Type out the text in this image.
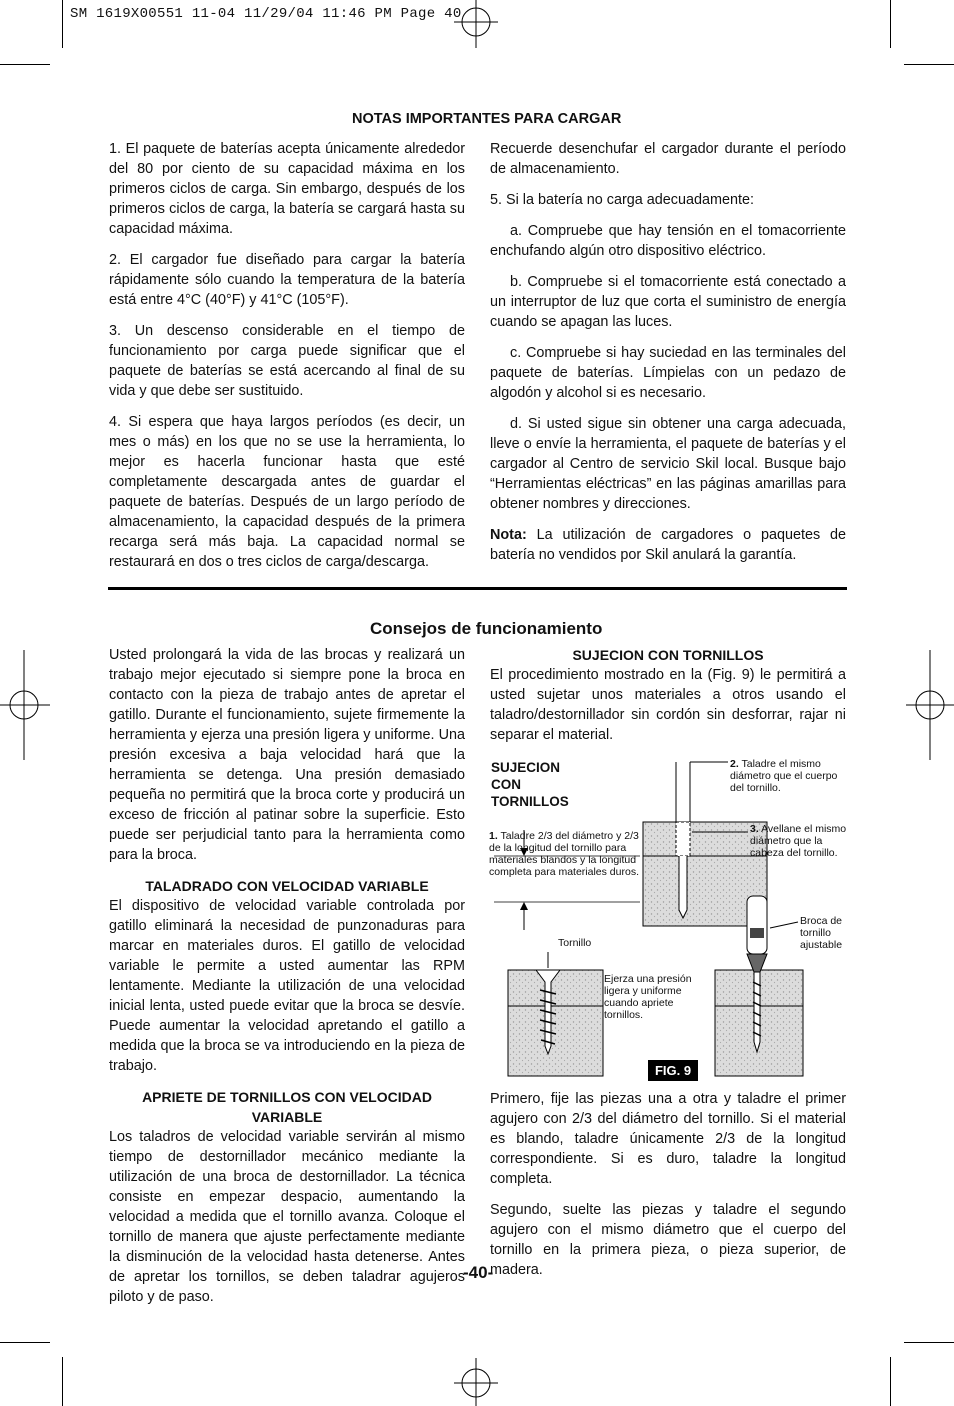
SM 1619X00551 11-04 11/29/04 11:46 PM Page 40
NOTAS IMPORTANTES PARA CARGAR

1. El paquete de baterías acepta únicamente alrededor del 80 por ciento de su capacidad máxima en los primeros ciclos de carga. Sin embargo, después de los primeros ciclos de carga, la batería se cargará hasta su capacidad máxima.

2. El cargador fue diseñado para cargar la batería rápidamente sólo cuando la temperatura de la batería está entre 4°C (40°F) y 41°C (105°F).

3. Un descenso considerable en el tiempo de funcionamiento por carga puede significar que el paquete de baterías se está acercando al final de su vida y que debe ser sustituido.

4. Si espera que haya largos períodos (es decir, un mes o más) en los que no se use la herramienta, lo mejor es hacerla funcionar hasta que esté completamente descargada antes de guardar el paquete de baterías. Después de un largo período de almacenamiento, la capacidad después de la primera recarga será más baja. La capacidad normal se restaurará en dos o tres ciclos de carga/descarga.

Recuerde desenchufar el cargador durante el período de almacenamiento.

5. Si la batería no carga adecuadamente:

a. Compruebe que hay tensión en el tomacorriente enchufando algún otro dispositivo eléctrico.

b. Compruebe si el tomacorriente está conectado a un interruptor de luz que corta el suministro de energía cuando se apagan las luces.

c. Compruebe si hay suciedad en las terminales del paquete de baterías. Límpielas con un pedazo de algodón y alcohol si es necesario.

d. Si usted sigue sin obtener una carga adecuada, lleve o envíe la herramienta, el paquete de baterías y el cargador al Centro de servicio Skil local. Busque bajo “Herramientas eléctricas” en las páginas amarillas para obtener nombres y direcciones.

Nota: La utilización de cargadores o paquetes de batería no vendidos por Skil anulará la garantía.

Consejos de funcionamiento

Usted prolongará la vida de las brocas y realizará un trabajo mejor ejecutado si siempre pone la broca en contacto con la pieza de trabajo antes de apretar el gatillo. Durante el funcionamiento, sujete firmemente la herramienta y ejerza una presión ligera y uniforme. Una presión excesiva a baja velocidad hará que la herramienta se detenga. Una presión demasiado pequeña no permitirá que la broca corte y producirá un exceso de fricción al patinar sobre la superficie. Esto puede ser perjudicial tanto para la herramienta como para la broca.

TALADRADO CON VELOCIDAD VARIABLE

El dispositivo de velocidad variable controlada por gatillo eliminará la necesidad de punzonaduras para marcar en materiales duros. El gatillo de velocidad variable le permite a usted aumentar las RPM lentamente. Mediante la utilización de una velocidad inicial lenta, usted puede evitar que la broca se desvíe. Puede aumentar la velocidad apretando el gatillo a medida que la broca se va introduciendo en la pieza de trabajo.

APRIETE DE TORNILLOS CON VELOCIDAD VARIABLE

Los taladros de velocidad variable servirán al mismo tiempo de destornillador mecánico mediante la utilización de una broca de destornillador. La técnica consiste en empezar despacio, aumentando la velocidad a medida que el tornillo avanza. Coloque el tornillo de manera que ajuste perfectamente mediante la disminución de la velocidad hasta detenerse. Antes de apretar los tornillos, se deben taladrar agujeros piloto y de paso.

SUJECION CON TORNILLOS

El procedimiento mostrado en la (Fig. 9) le permitirá a usted sujetar unos materiales a otros usando el taladro/destornillador sin cordón sin desforrar, rajar ni separar el material.

SUJECION CON TORNILLOS
1. Taladre 2/3 del diámetro y 2/3 de la longitud del tornillo para materiales blandos y la longitud completa para materiales duros.
2. Taladre el mismo diámetro que el cuerpo del tornillo.
3. Avellane el mismo diámetro que la cabeza del tornillo.
Tornillo
Broca de tornillo ajustable
Ejerza una presión ligera y uniforme cuando apriete tornillos.
FIG. 9

Primero, fije las piezas una a otra y taladre el primer agujero con 2/3 del diámetro del tornillo. Si el material es blando, taladre únicamente 2/3 de la longitud correspondiente. Si es duro, taladre la longitud completa.

Segundo, suelte las piezas y taladre el segundo agujero con el mismo diámetro que el cuerpo del tornillo en la primera pieza, o pieza superior, de madera.

-40-
